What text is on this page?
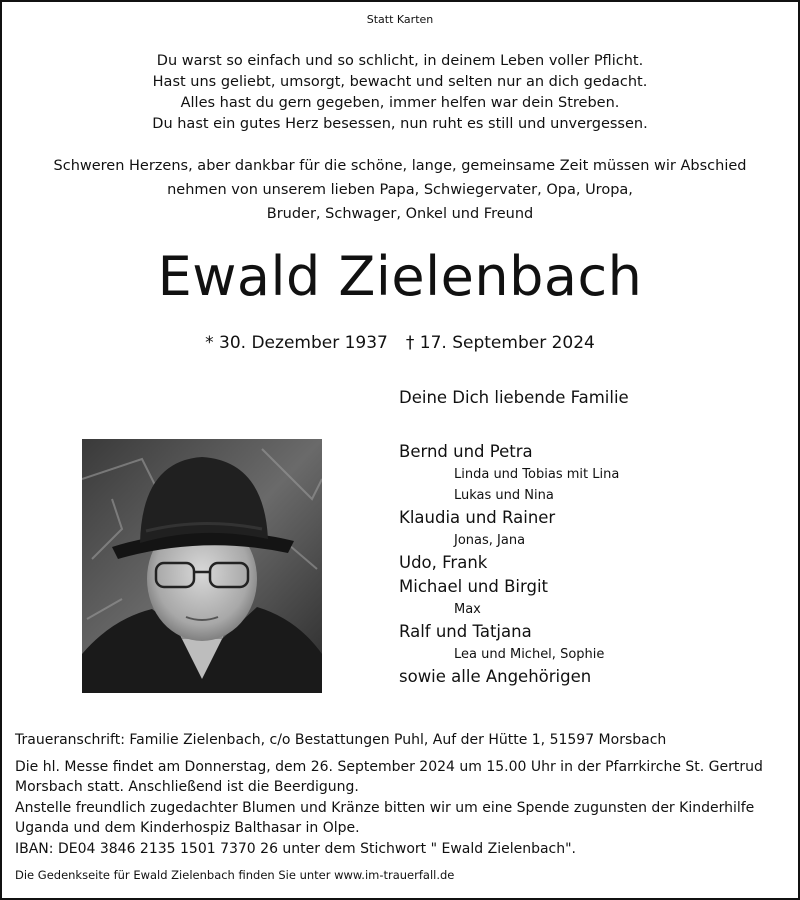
Statt Karten
Du warst so einfach und so schlicht, in deinem Leben voller Pflicht.
Hast uns geliebt, umsorgt, bewacht und selten nur an dich gedacht.
Alles hast du gern gegeben, immer helfen war dein Streben.
Du hast ein gutes Herz besessen, nun ruht es still und unvergessen.
Schweren Herzens, aber dankbar für die schöne, lange, gemeinsame Zeit müssen wir Abschied
nehmen von unserem lieben Papa, Schwiegervater, Opa, Uropa,
Bruder, Schwager, Onkel und Freund
Ewald Zielenbach
* 30. Dezember 1937 † 17. September 2024
Deine Dich liebende Familie
Bernd und Petra
Linda und Tobias mit Lina
Lukas und Nina
Klaudia und Rainer
Jonas, Jana
Udo, Frank
Michael und Birgit
Max
Ralf und Tatjana
Lea und Michel, Sophie
sowie alle Angehörigen

Traueranschrift: Familie Zielenbach, c/o Bestattungen Puhl, Auf der Hütte 1, 51597 Morsbach

Die hl. Messe findet am Donnerstag, dem 26. September 2024 um 15.00 Uhr in der Pfarrkirche St. Gertrud

Morsbach statt. Anschließend ist die Beerdigung.

Anstelle freundlich zugedachter Blumen und Kränze bitten wir um eine Spende zugunsten der Kinderhilfe

Uganda und dem Kinderhospiz Balthasar in Olpe.

IBAN: DE04 3846 2135 1501 7370 26 unter dem Stichwort " Ewald Zielenbach".

Die Gedenkseite für Ewald Zielenbach finden Sie unter www.im-trauerfall.de
